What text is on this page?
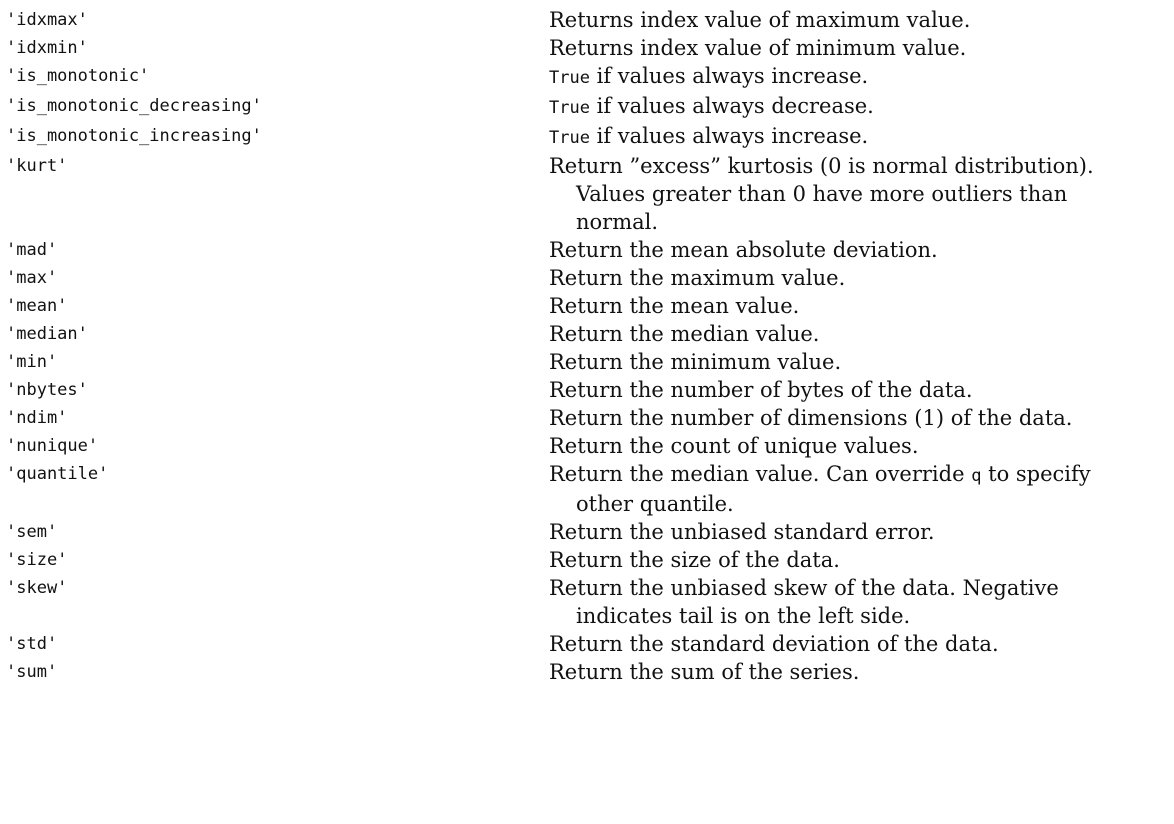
'idxmax'	Returns index value of maximum value.
'idxmin'	Returns index value of minimum value.
'is_monotonic'	True if values always increase.
'is_monotonic_decreasing'	True if values always decrease.
'is_monotonic_increasing'	True if values always increase.
'kurt'	Return ”excess” kurtosis (0 is normal distribution).
Values greater than 0 have more outliers than
normal.
'mad'	Return the mean absolute deviation.
'max'	Return the maximum value.
'mean'	Return the mean value.
'median'	Return the median value.
'min'	Return the minimum value.
'nbytes'	Return the number of bytes of the data.
'ndim'	Return the number of dimensions (1) of the data.
'nunique'	Return the count of unique values.
'quantile'	Return the median value. Can override q to specify
other quantile.
'sem'	Return the unbiased standard error.
'size'	Return the size of the data.
'skew'	Return the unbiased skew of the data. Negative
indicates tail is on the left side.
'std'	Return the standard deviation of the data.
'sum'	Return the sum of the series.
